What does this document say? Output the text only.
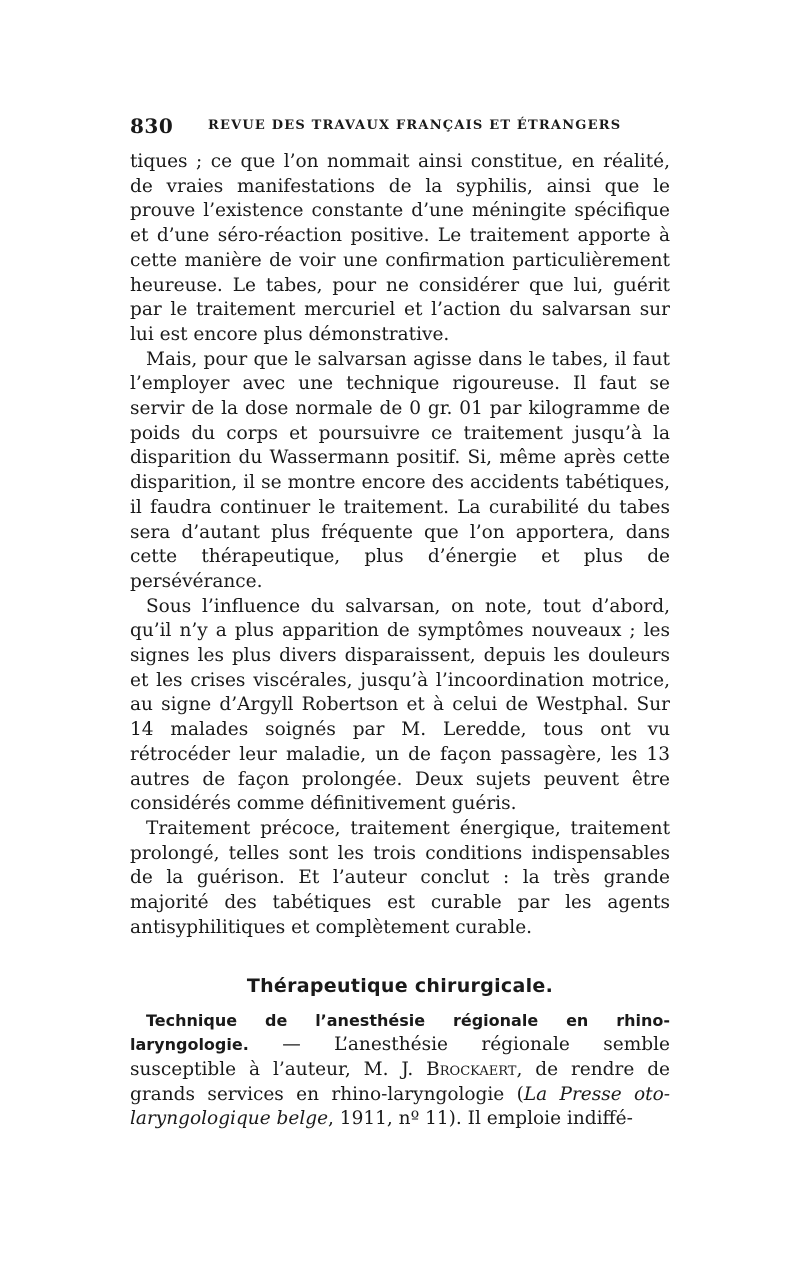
830	REVUE DES TRAVAUX FRANÇAIS ET ÉTRANGERS

tiques ; ce que l’on nommait ainsi constitue, en réalité, de vraies manifestations de la syphilis, ainsi que le prouve l’existence constante d’une méningite spécifique et d’une séro-réaction positive. Le traitement apporte à cette manière de voir une confirmation particulièrement heureuse. Le tabes, pour ne considérer que lui, guérit par le traitement mercuriel et l’action du salvarsan sur lui est encore plus démonstrative.

Mais, pour que le salvarsan agisse dans le tabes, il faut l’employer avec une technique rigoureuse. Il faut se servir de la dose normale de 0 gr. 01 par kilogramme de poids du corps et poursuivre ce traitement jusqu’à la disparition du Wassermann positif. Si, même après cette disparition, il se montre encore des accidents tabétiques, il faudra continuer le traitement. La curabilité du tabes sera d’autant plus fréquente que l’on apportera, dans cette thérapeutique, plus d’énergie et plus de persévérance.

Sous l’influence du salvarsan, on note, tout d’abord, qu’il n’y a plus apparition de symptômes nouveaux ; les signes les plus divers disparaissent, depuis les douleurs et les crises viscérales, jusqu’à l’incoordination motrice, au signe d’Argyll Robertson et à celui de Westphal. Sur 14 malades soignés par M. Leredde, tous ont vu rétrocéder leur maladie, un de façon passagère, les 13 autres de façon prolongée. Deux sujets peuvent être considérés comme définitivement guéris.

Traitement précoce, traitement énergique, traitement prolongé, telles sont les trois conditions indispensables de la guérison. Et l’auteur conclut : la très grande majorité des tabétiques est curable par les agents antisyphilitiques et complètement curable.

Thérapeutique chirurgicale.

Technique de l’anesthésie régionale en rhino-laryngologie. — L’anesthésie régionale semble susceptible à l’auteur, M. J. Brockaert, de rendre de grands services en rhino-laryngologie (La Presse oto-laryngologique belge, 1911, nº 11). Il emploie indiffé-
